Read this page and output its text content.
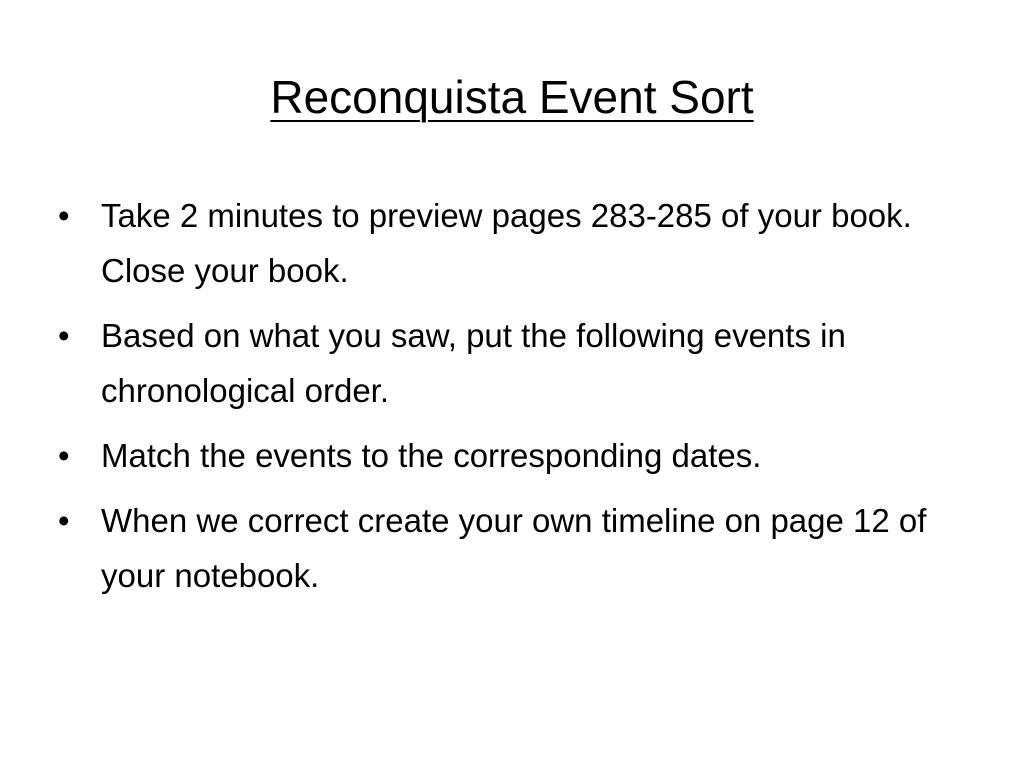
Reconquista Event Sort
• Take 2 minutes to preview pages 283-285 of your book. Close your book.
• Based on what you saw, put the following events in chronological order.
• Match the events to the corresponding dates.
• When we correct create your own timeline on page 12 of your notebook.
